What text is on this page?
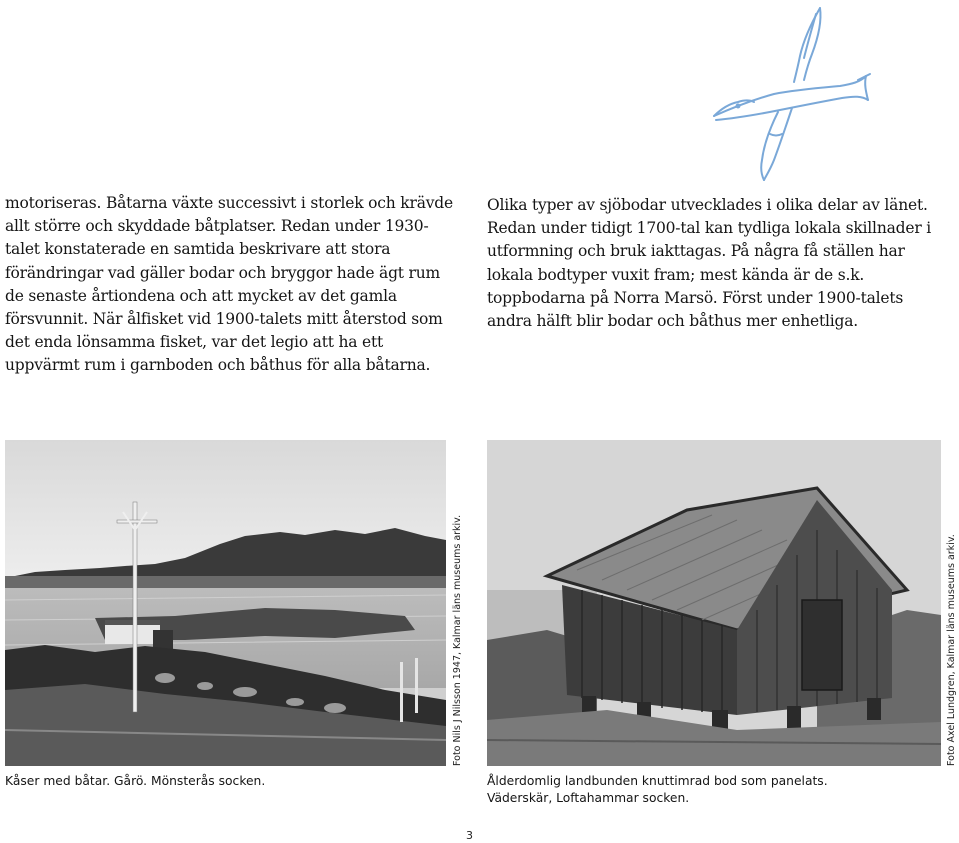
motoriseras. Båtarna växte successivt i storlek och krävde allt större och skyddade båtplatser. Redan under 1930-talet konstaterade en samtida beskrivare att stora förändringar vad gäller bodar och bryggor hade ägt rum de senaste årtiondena och att mycket av det gamla försvunnit. När ålfisket vid 1900-talets mitt återstod som det enda lönsamma fisket, var det legio att ha ett uppvärmt rum i garnboden och båthus för alla båtarna.

Olika typer av sjöbodar utvecklades i olika delar av länet. Redan under tidigt 1700-tal kan tydliga lokala skillnader i utformning och bruk iakttagas. På några få ställen har lokala bodtyper vuxit fram; mest kända är de s.k. toppbodarna på Norra Marsö. Först under 1900-talets andra hälft blir bodar och båthus mer enhetliga.

Foto Nils J Nilsson 1947, Kalmar läns museums arkiv.	Foto Axel Lundgren, Kalmar läns museums arkiv.
Kåser med båtar. Gårö. Mönsterås socken.	Ålderdomlig landbunden knuttimrad bod som panelats.
Väderskär, Loftahammar socken.
3
